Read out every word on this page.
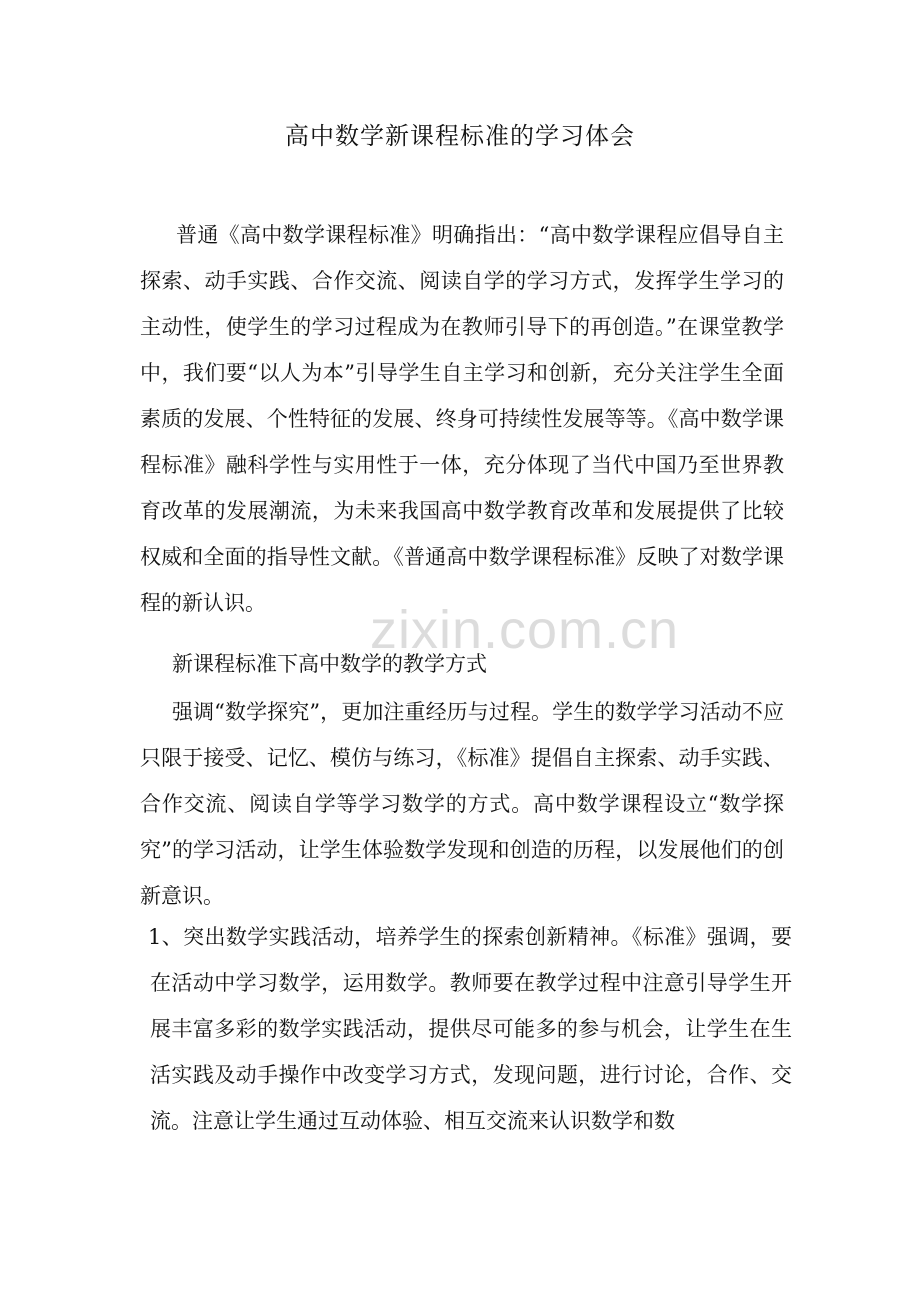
高中数学新课程标准的学习体会

普通《高中数学课程标准》明确指出：“高中数学课程应倡导自主探索、动手实践、合作交流、阅读自学的学习方式，发挥学生学习的主动性，使学生的学习过程成为在教师引导下的再创造。”在课堂教学中，我们要“以人为本”引导学生自主学习和创新，充分关注学生全面素质的发展、个性特征的发展、终身可持续性发展等等。《高中数学课程标准》融科学性与实用性于一体，充分体现了当代中国乃至世界教育改革的发展潮流，为未来我国高中数学教育改革和发展提供了比较权威和全面的指导性文献。《普通高中数学课程标准》反映了对数学课程的新认识。

新课程标准下高中数学的教学方式

强调“数学探究”，更加注重经历与过程。学生的数学学习活动不应只限于接受、记忆、模仿与练习，《标准》提倡自主探索、动手实践、合作交流、阅读自学等学习数学的方式。高中数学课程设立“数学探究”的学习活动，让学生体验数学发现和创造的历程，以发展他们的创新意识。

1、突出数学实践活动，培养学生的探索创新精神。《标准》强调，要在活动中学习数学，运用数学。教师要在教学过程中注意引导学生开展丰富多彩的数学实践活动，提供尽可能多的参与机会，让学生在生活实践及动手操作中改变学习方式，发现问题，进行讨论，合作、交流。注意让学生通过互动体验、相互交流来认识数学和数

zixin.com.cn
